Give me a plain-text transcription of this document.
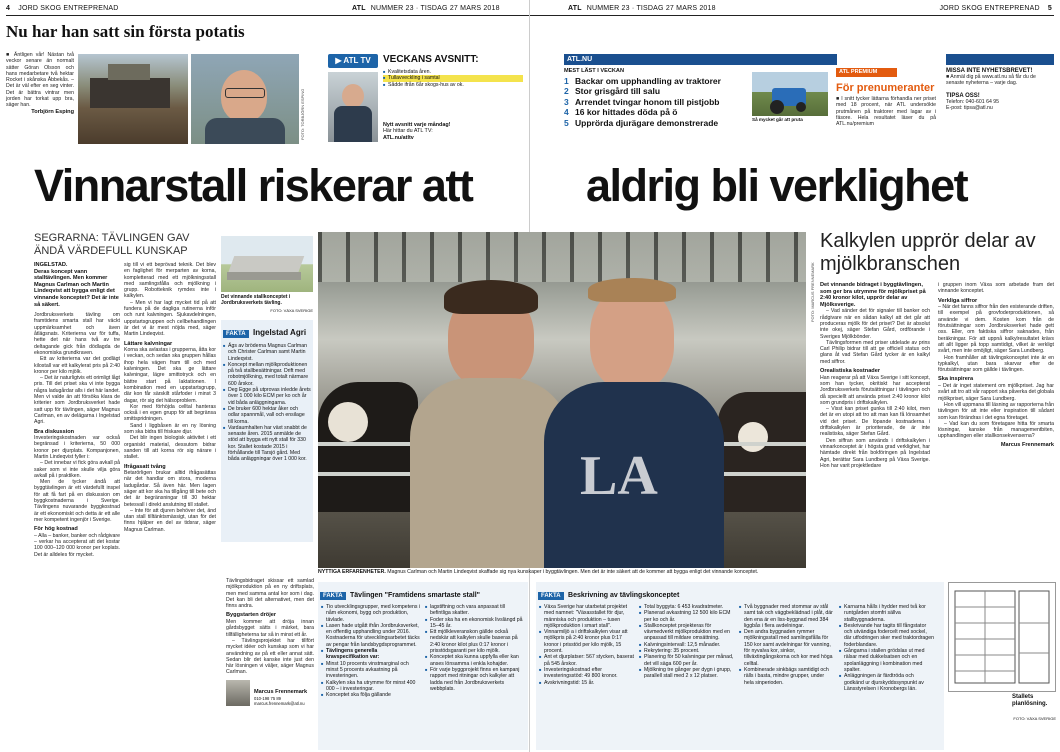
4 JORD SKOG ENTREPRENAD	ATL NUMMER 23 · TISDAG 27 MARS 2018	ATL NUMMER 23 · TISDAG 27 MARS 2018	JORD SKOG ENTREPRENAD 5
■ Äntligen vår! Nästan två veckor senare än normalt sätter Göran Olsson och hans medarbetare två hektar Rocket i skånska Åbbekås. – Det är väl efter en seg vinter. Det är bättra vintrar men jorden har torkat upp bra, säger han.
Torbjörn Esping
Nu har han satt sin första potatis
FOTO: TORBJÖRN ESPING
▶ ATL TV	VECKANS AVSNITT:
■ Kvalitetsdata åren.
■ Tullavveckling i samtal
■ Sådde ifrån 6år skogs-hus av ok.
Nytt avsnitt varje måndag!
Här hittar du ATL TV:
ATL.nu/atltv
ATL.NU
MEST LÄST I VECKAN
1 Backar om upphandling av traktorer
2 Stor grisgård till salu
3 Arrendet tvingar honom till pistjobb
4 16 kor hittades döda på ö
5 Upprörda djurägare demonstrerade	Så mycket går att pruta
ATL PREMIUM
För prenumeranter
■ I snitt tycker lättarna förhandla ner priset med 18 procent, när ATL undersökte prutmånen på traktorer med lagar av i fäsore. Hela resultatet läser du på ATL.nu/premium
MISSA INTE NYHETSBREVET!
■ Anmäl dig på www.atl.nu så får du de senaste nyheterna – varje dag.
TIPSA OSS!
Telefon: 040-601 64 95
E-post: tipsa@atl.nu
Vinnarstall riskerar att	aldrig bli verklighet
SEGRARNA: TÄVLINGEN GAV ÄNDÅ VÄRDEFULL KUNSKAP
INGELSTAD.
Deras koncept vann stalltävlingen. Men kommer Magnus Carlman och Martin Lindeqvist att bygga enligt det vinnande konceptet? Det är inte så säkert.
Jordbruksverkets tävling om framtidens smarta stall har väckt uppmärksamhet och även åtlägsnats. Kriterierna var för tuffa, hette det när hans två av tre deltagande gick från dödlagda de ekonomiska grundkraven.
Ett av kriterierna var det godlägt kilostall var ett kalkylerat pris på 2:40 kronor per kilo mjölk.
– Det är naturligtvis ett orimligt lågt pris. Till det priset ska vi inte bygga några ladugårdar alls i det här landet. Men vi valde än att försöka klara de kriterier som Jordbruksverket hade satt upp för tävlingen, säger Magnus Carlman, en av delägarna i Ingelstad Agri.
Bra diskussion
Investeringskostnaden var också begränsad i kriterierna, 50 000 kronor per djurplats. Kompanjonen, Martin Lindeqvist fyller i:
– Det innebar vi fick göra avkall på saker som vi inte skulle vilja göra avkall på i praktiken.
Men de tycker ändå att byggtävlingen är ett värdefullt inspel för att få fart på en diskussion om byggkostnaderna i Sverige. Tävlingens nuvarande byggkostnad är ett ekonomiskt och detta är ett alle mer kompetent ingenjör i Sverige.
För hög kostnad
– Alla – banker, banker och rådgivare – verkar ha accepterat att det kostar 100 000–120 000 kronor per koplats. Det är alldeles för mycket.
sig till vi ett beprövad teknik. Det blev en faglighet för merparten av korna, kompletterad med ett mjölkningsstall med samlingsfålla och mjölkning i grupp. Robotteknik rymdes inte i kalkylen.
– Men vi har lagt mycket tid på att fundera på de dagliga rutinerna inför och runt kalvningen. Sjukavdelningen, uppstartsgruppen och cellbehandlingen är det vi är mest nöjda med, säger Martin Lindeqvist.
Lättare kalvningar
Korna ska avlastas i grupperna, åtta kor i veckan, och sedan ska gruppen hållas ihop hela vägen fram till och med kalvningen. Det ska ge lättare kalvningar, lägre smittotryck och en bättre start på laktationen. I kombination med en uppstartsgrupp, där kon får särskilt stårfoder i minst 3 dagar, rör sig det hälsoproblem.
Kor med förhöjda celltal hanteras också i en egen grupp för att begränsa smittspridningen.
Sand i liggbåsen är en ny lösning som ska bidra till friskare djur.
Det blir ingen biologisk aktivitet i ett organiskt material, dessutom bidrar sanden till att korna rör sig närare i stallet.
Ifrågasatt tvång
Betarörligen brukar alltid ifrågasättas när det handlar om stora, moderna ladugårdar. Så även här. Men lagen säger att kor ska ha tillgång till bete och det är begränsningar till 30 hektar betesvall i direkt anslutning till stallet.
– Inte för att djuren behöver det, änd utan stall tilltänktsmässigt, utan för det finns hjälper en del av tidsrar, säger Magnus Carlman.
Det vinnande stallkonceptet i Jordbruksverkets tävling.
FOTO: VÄXA SVERIGE
FAKTA Ingelstad Agri
■ Ägs av bröderna Magnus Carlman och Christer Carlman samt Martin Lindeqvist.
■ Koncept mellan mjölkproduktionen på två stallbesättningar. Drift med robotmjölkning, med totalt närmare 600 årskor.
■ Deg Egge på utprovas inledde årets över 1 000 kilo ECM per ko och år vid båda anläggningarna.
■ De bruker 600 hektar åker och odlar spannmål, vall och ensilage till korna.
■ Vardaumhalten har växt snabbt de senaste åren. 2015 anmälde de stöd att bygga ett nytt stall för 330 kor. Stallet kostade 2015 i förhållande till Tarsjö gård. Med båda anläggningar över 1 000 kor.	LA
NYTTIGA ERFARENHETER. Magnus Carlman och Martin Lindeqvist skaffade sig nya kunskaper i byggtävlingen. Men det är inte säkert att de kommer att bygga enligt det vinnande konceptet.
Tävlingsbidraget skissar ett samlad mjölkproduktion på en ny driftsplats, men med samma antal kor som i dag. Det kan bli det alternativet, men det finns andra.
Byggstarten dröjer
Men kommer att dröja innan gårdsbygget sätts i märket, bara tillfälligheterna tar så in minst ett år.
– Tävlingsprojektet har tillfört mycket idéer och kunskap som vi har användning av på ett eller annat sätt. Sedan blir det kanske inte just den här lösningen vi väljer, säger Magnus Carlman.
Marcus Frennemark
010-198 75 89
marcus.frennemark@atl.nu
FAKTA Tävlingen "Framtidens smartaste stall"
■ Tio utvecklingsgrupper, med kompetens i nåm ekonomi, bygg och produktion, tävlade.
■ Lasen hade utgått ifrån Jordbruksverket, en offentlig upphandling under 2016. Kostnaderna för utvecklingsarbetet täcks av pengar från landsbygdsprogrammet.
■ Tävlingens generella kravspecifikation var:
■ Minst 10 procents vinstmarginal och minst 5 procents avkastning på investeringen.
■ Kalkylen ska ha utrymme för minst 400 000 – i investeringar.
■ Konceptet ska följa gällande
■ lagstiftning och vara anpassat till befintliga skatter.
■ Foder ska ha en ekonomisk livslängd på 15–45 år.
■ Ett mjölkleveranskon gällde också nedskär att kalkylen skulle baseras på 2:40 kronor kilot plus 0:17 kronor i prisstödsgaranti per kilo mjölk.
■ Konceptet ska kunna uppfylla eller kan anses lönsamma i enkla kohajder.
■ För varje byggprojekt finns en kampanj rapport med ritningar och kalkyler att ladda ned från Jordbruksverkets webbplats.
FAKTA Beskrivning av tävlingskonceptet
■ Växa Sverige har utarbetat projektet med namnet: "Växasstallet för djur, människa och produktion – tusen mjölkproduktion i smart stall".
■ Vinnarmiljö a i driftskalkylen visar att mjölkpris på 2:40 kronor plus 0:17 kronor i prisstöd per kilo mjölk, 15 procent.
■ Ant et djurplatser: 567 stycken, baserat på 545 årskor.
■ Investeringskostnad efter investeringsstöd: 49 800 kronor.
■ Avskrivningstid: 15 år.
■ Total byggyta: 6 453 kvadratmeter.
■ Planerad avkastning 12 500 kilo ECM per ko och år.
■ Stallkonceptet projekteras för vävmedverkt mjölkproduktion med en anpassad till mildare omsättning.
■ Kalvningsintervall: 12,5 månader.
■ Rekrytering: 35 procent.
■ Planering för 50 kalvningar per månad, det vill säga 600 per år.
■ Mjölkning tre gånger per dygn i grupp, parallell stall med 2 x 12 platser.
■ Två byggnader med stommar av stål samt tak och väggbeklädnad i plåt, där den ena är en liss-byggnad med 384 liggbås i flera avdelningar.
■ Den andra byggnaden rymmer mjölkningsstall med samlingsfålla för 150 kor samt avdelningar för vanning, för nyvalva kor, sinkor, tillväxtingångskorna och kor med höga celltal.
■ Kombinerade sinkbägs samtidigt och rälls i basta, mindre grupper, under hela sinperioden.
■ Karnarna hålls i hydder med två kor runtgården stomfri sällva stallbyggnaderna.
■ Beskrivande har tagits till fångstator och utvändiga fodercelt med sockel, där utfodringen sker med traktordragen foderblandare.
■ Gångarna i stallen grödslas ut med rälsar med dukkelsatsen och en spolanläggning i kombination med spalter.
■ Anläggningen är färdtröda och godkänd ur djurskyddssynpunkt av Länsstyrelsen i Kronobergs län.
Stallets planlösning.
FOTO: VÄXA SVERIGE
FOTO: MARCUS FRENNEMARK
Kalkylen upprör delar av mjölkbranschen
Det vinnande bidraget i byggtävlingen, som ger bra utrymme för mjölkpriset på 2:40 kronor kilot, upprör delar av Mjölksverige.
– Vad sänder det för signaler till banker och rådgivare när en sådan kalkyl att det går att produceras mjölk för det priset? Det är absolut inte okej, säger Stefan Gård, ordförande i Sveriges Mjölkbönder.
Tävlingsformen med priser utdelade av prins Carl Philip bidrar till att ge officiell status och glans åt vad Stefan Gård tycker är en kalkyl med siffror.
Orealistiska kostnader
Han reagerar på att Växa Sverige i sitt koncept, som han tycker, okritiskt har accepterat Jordbruksverkets förutsättningar i tävlingen och då speciellt att använda priset 2:40 kronor kilot som grundpris i driftskalkylen.
– Visst kan priset gunka till 2:40 kilot, men det är en utopi att tro att man kan få lönsamhet vid det priset. De löpande kostnaderna i driftskalkylen är prioriterade, de är inte realistiska, säger Stefan Gård.
Den siffran som används i driftskalkylen i vinnarkonceptet är i högsta grad verklighet, har hämtade direkt från bokföringen på Ingelstad Agri, berättar Sara Lundberg på Växa Sverige. Hon har varit projektledare
i gruppen inom Växa som arbetade fram det vinnande konceptet.
Verkliga siffror
– När det fanns siffror från den existerande driften, till exempel på grovfoderproduktionen, så använde vi dem. Kosten kom från de förutsättningar som Jordbruksverket hade gett oss. Eller, om faktiska siffror saknades, från beräkningar. För att uppnå kalkylresultatet krävs att allt ligger på topp samtidigt, vilket är verkligt svårt, men inte omöjligt, säger Sara Lundberg.
Hon framhåller att tävlingskonceptet inte är en typkalkyl, utan bara skarvar efter de förutsättningar som gällde i tävlingen.
Ska inspirera
– Det är inget statement om mjölkpriset. Jag har svårt att tro att vår rapport ska påverka det globala mjölkpriset, säger Sara Lundberg.
Hon vill uppmana till läsning av rapporterna från tävlingen för att inte eller inspiration till sådant som kan förändras i det egna företaget.
– Vad kan du som företagare hitta för smarta lösningar, kanske från managementbiten, upphandlingen eller stallkonsekvenserna?
Marcus Frennemark
